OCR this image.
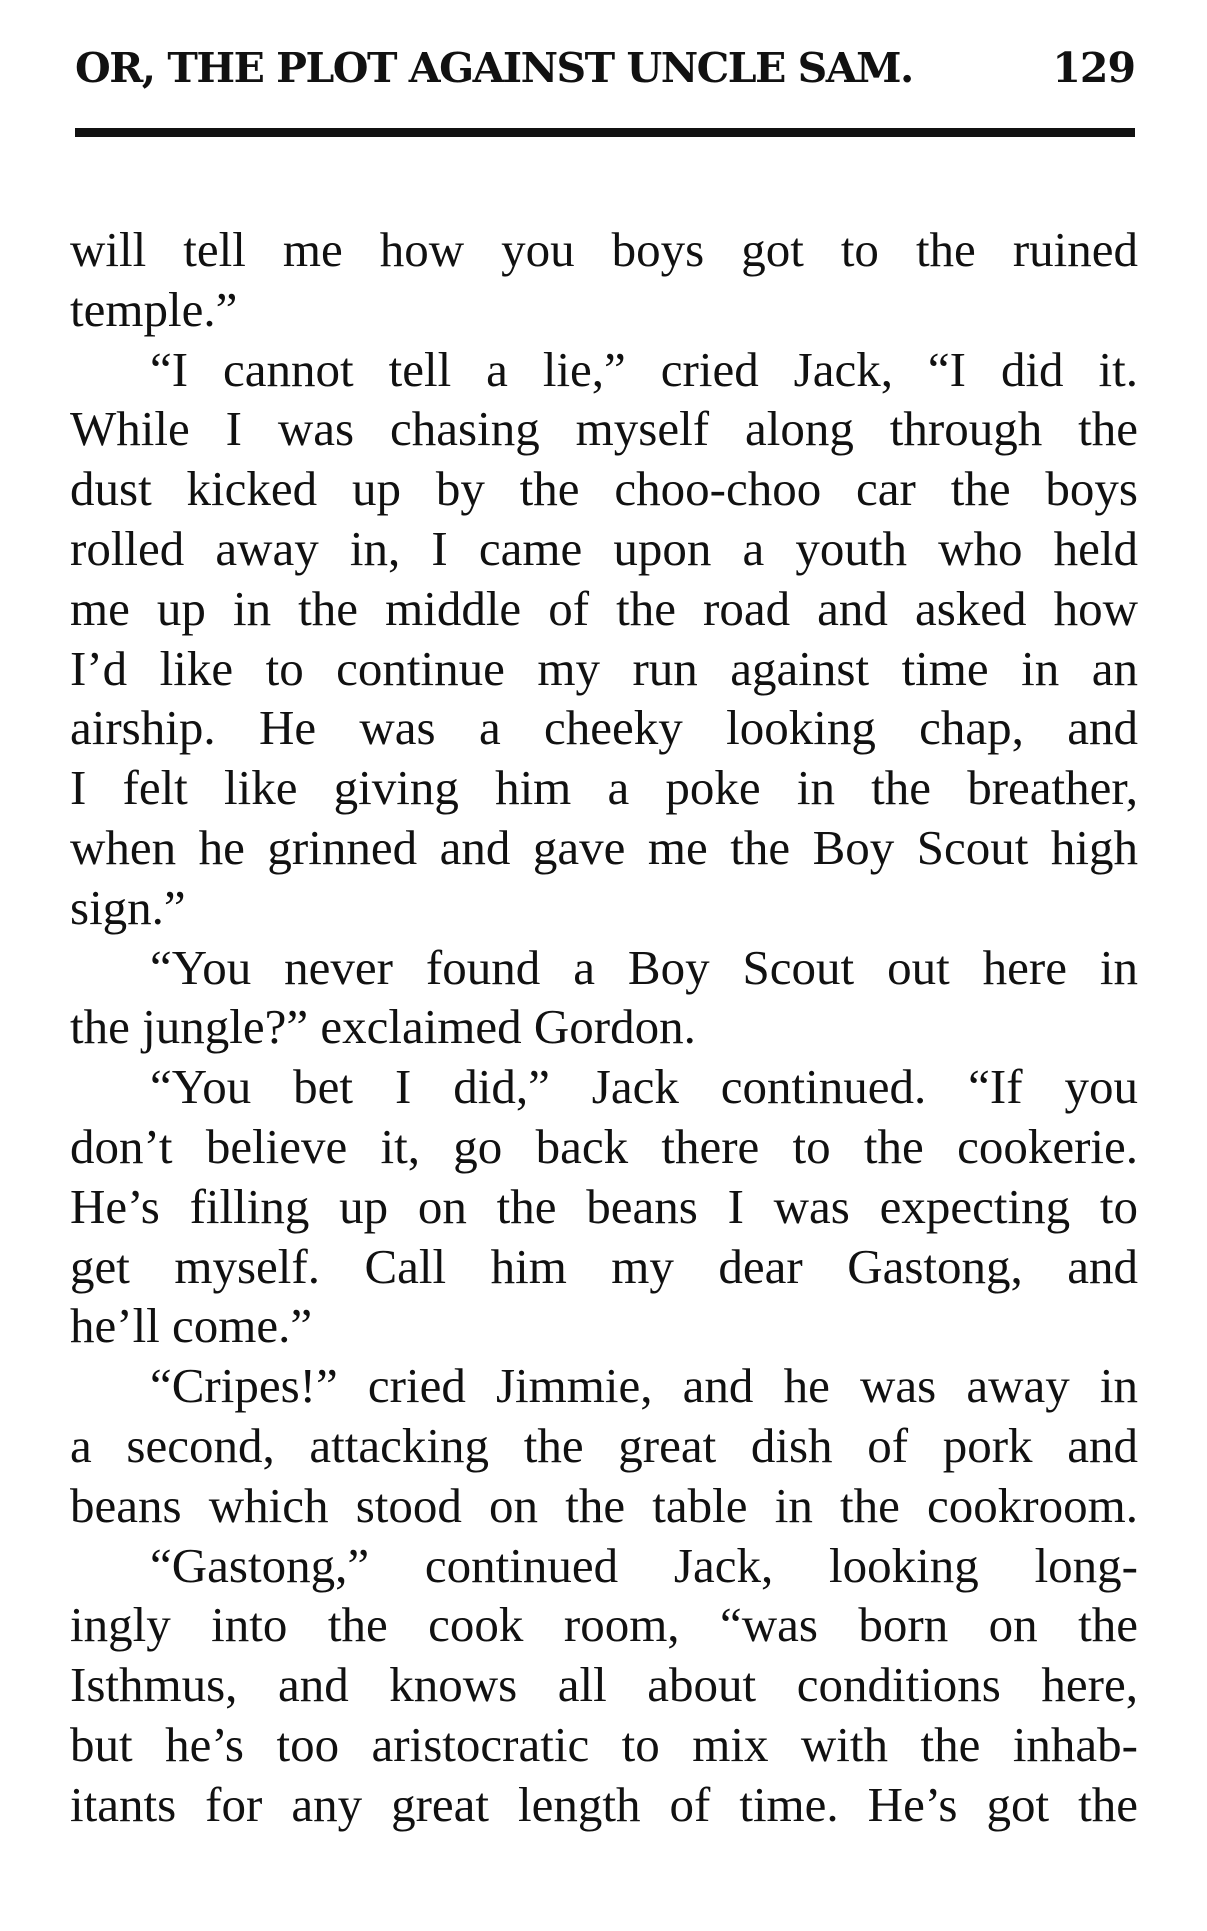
OR, THE PLOT AGAINST UNCLE SAM.	129
will tell me how you boys got to the ruined
temple.”
“I cannot tell a lie,” cried Jack, “I did it.
While I was chasing myself along through the
dust kicked up by the choo-choo car the boys
rolled away in, I came upon a youth who held
me up in the middle of the road and asked how
I’d like to continue my run against time in an
airship. He was a cheeky looking chap, and
I felt like giving him a poke in the breather,
when he grinned and gave me the Boy Scout high
sign.”
“You never found a Boy Scout out here in
the jungle?” exclaimed Gordon.
“You bet I did,” Jack continued. “If you
don’t believe it, go back there to the cookerie.
He’s filling up on the beans I was expecting to
get myself. Call him my dear Gastong, and
he’ll come.”
“Cripes!” cried Jimmie, and he was away in
a second, attacking the great dish of pork and
beans which stood on the table in the cookroom.
“Gastong,” continued Jack, looking long-
ingly into the cook room, “was born on the
Isthmus, and knows all about conditions here,
but he’s too aristocratic to mix with the inhab-
itants for any great length of time. He’s got the
